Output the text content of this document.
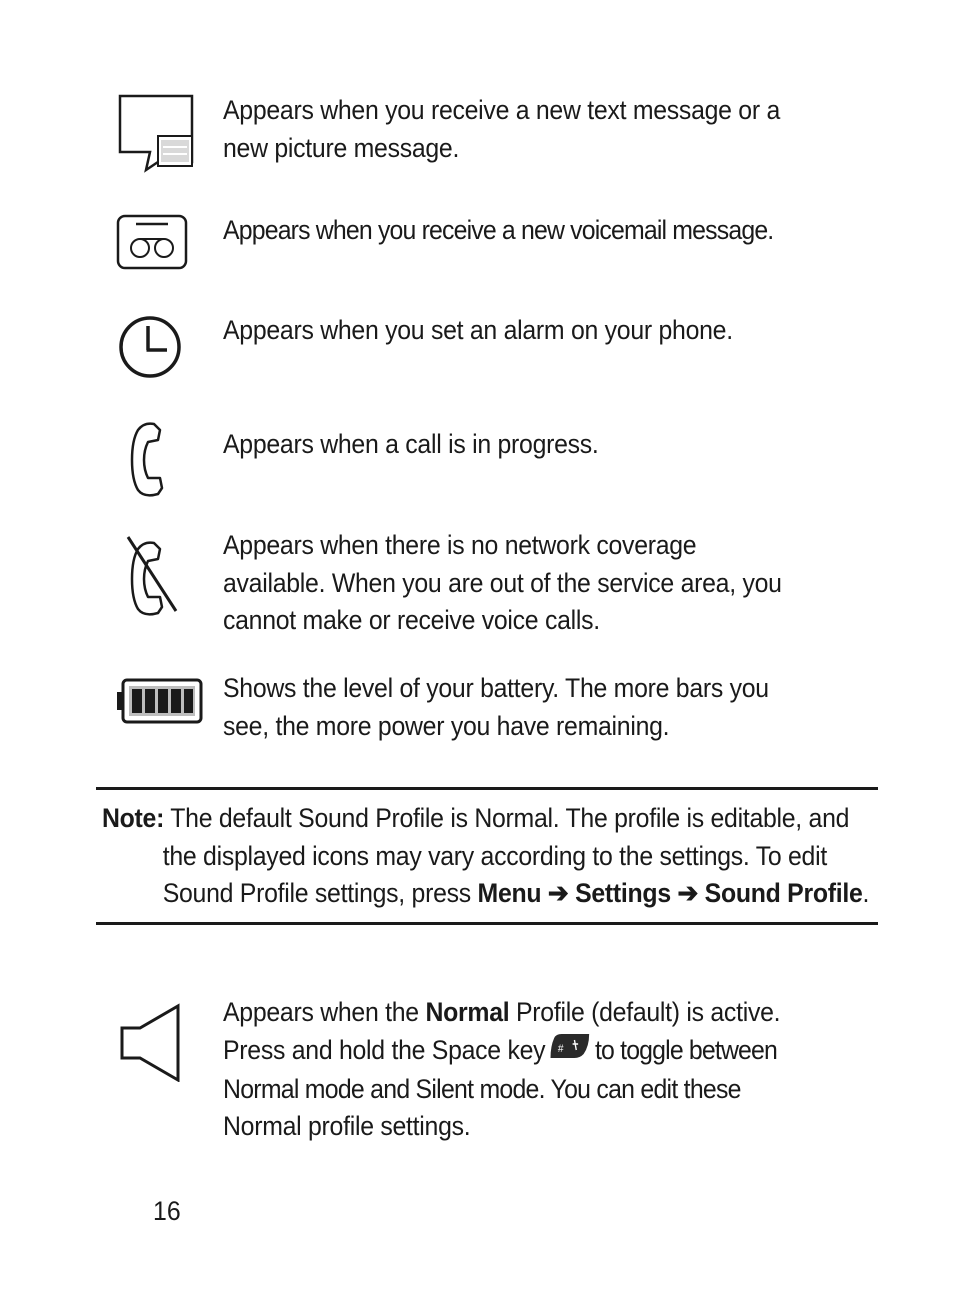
Appears when you receive a new text message or a
new picture message.
Appears when you receive a new voicemail message.
Appears when you set an alarm on your phone.
Appears when a call is in progress.
Appears when there is no network coverage
available. When you are out of the service area, you
cannot make or receive voice calls.
Shows the level of your battery. The more bars you
see, the more power you have remaining.
Note: The default Sound Profile is Normal. The profile is editable, and
the displayed icons may vary according to the settings. To edit
Sound Profile settings, press Menu ➔ Settings ➔ Sound Profile.
Appears when the Normal Profile (default) is active.
Press and hold the Space key # to toggle between
Normal mode and Silent mode. You can edit these
Normal profile settings.
16
